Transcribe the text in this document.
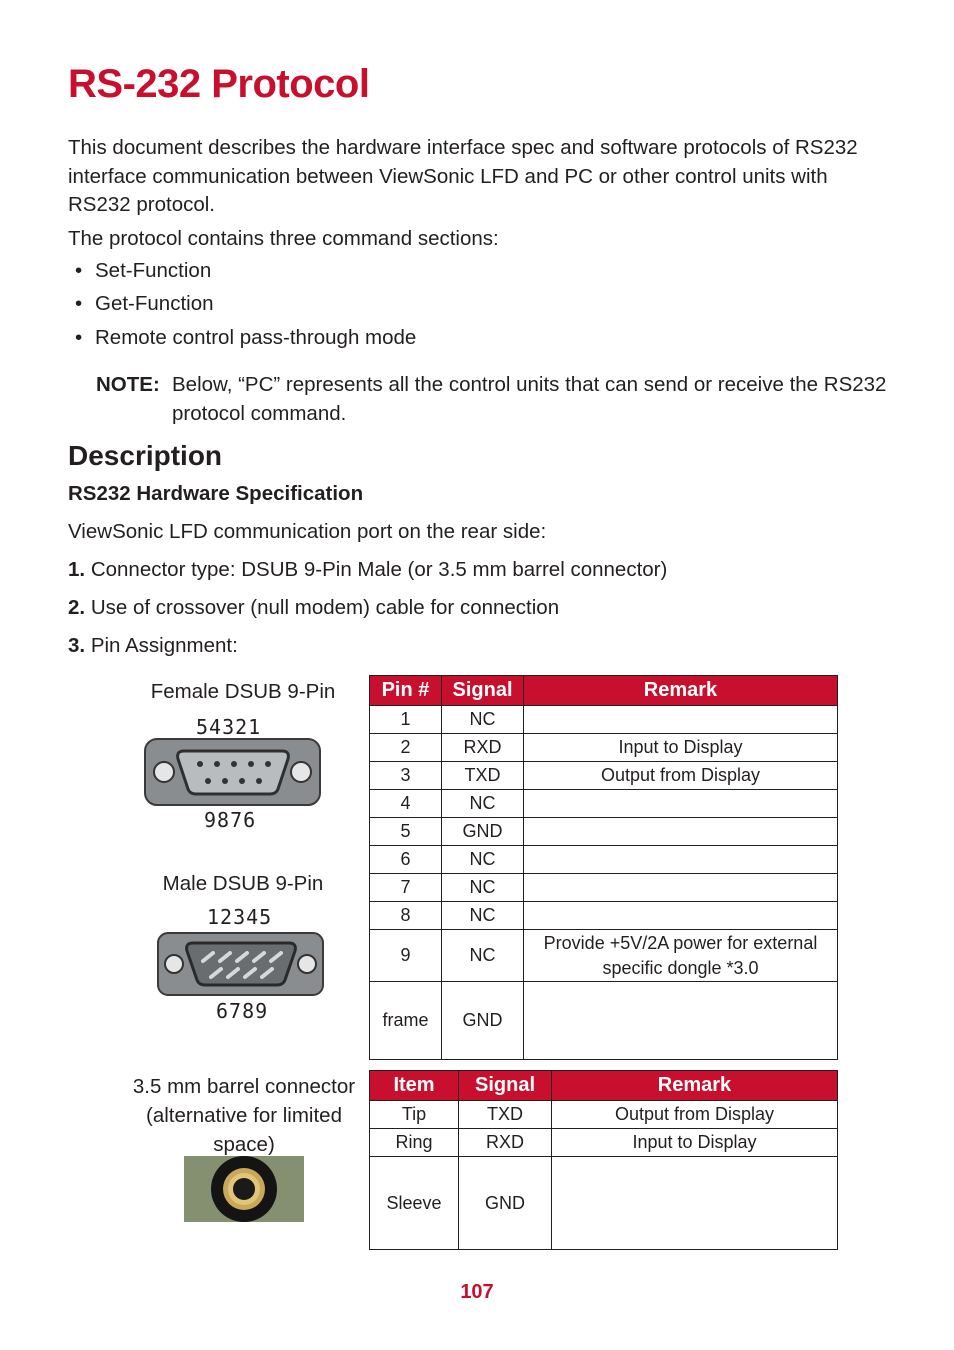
RS-232 Protocol
This document describes the hardware interface spec and software protocols of RS232 interface communication between ViewSonic LFD and PC or other control units with RS232 protocol.
The protocol contains three command sections:
• Set-Function
• Get-Function
• Remote control pass-through mode
NOTE: Below, “PC” represents all the control units that can send or receive the RS232 protocol command.
Description
RS232 Hardware Specification
ViewSonic LFD communication port on the rear side:
1. Connector type: DSUB 9-Pin Male (or 3.5 mm barrel connector)
2. Use of crossover (null modem) cable for connection
3. Pin Assignment:
Female DSUB 9-Pin
54321
9876
Male DSUB 9-Pin
12345
6789
3.5 mm barrel connector (alternative for limited space)
Pin #	Signal	Remark
1	NC	
2	RXD	Input to Display
3	TXD	Output from Display
4	NC	
5	GND	
6	NC	
7	NC	
8	NC	
9	NC	Provide +5V/2A power for external specific dongle *3.0
frame	GND	
Item	Signal	Remark
Tip	TXD	Output from Display
Ring	RXD	Input to Display
Sleeve	GND	
107
